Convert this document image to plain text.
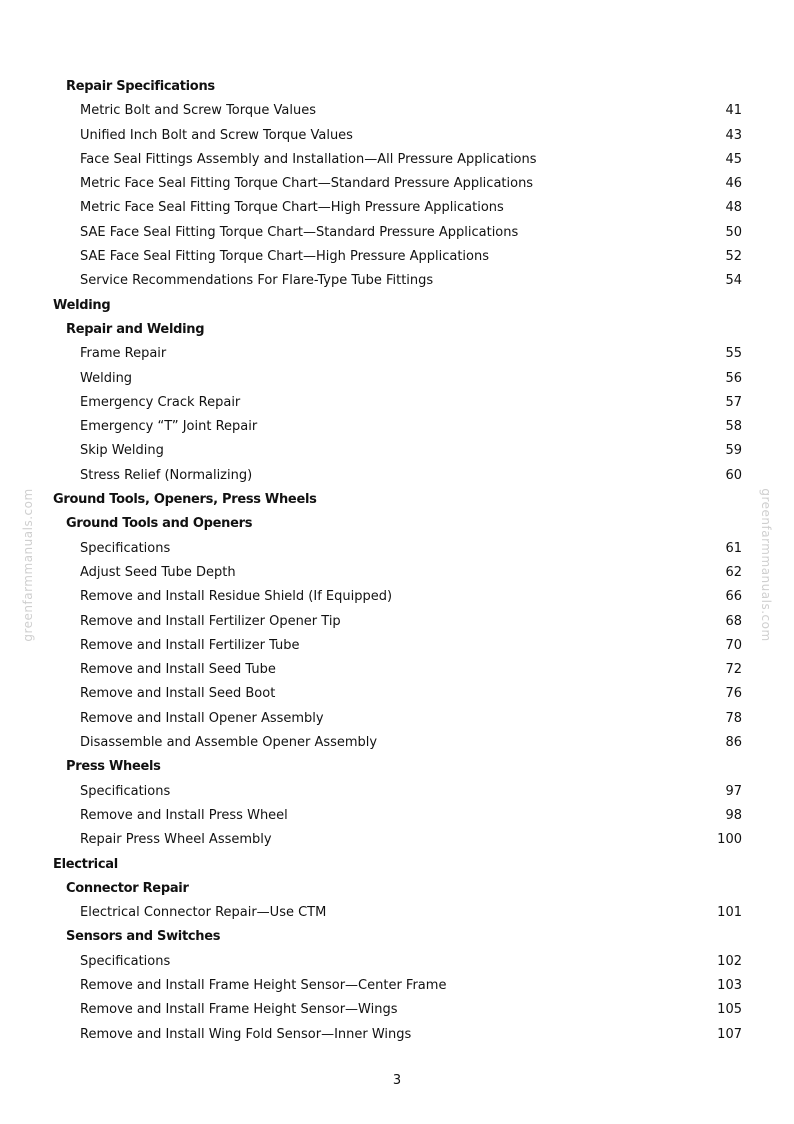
Repair Specifications
Metric Bolt and Screw Torque Values	41
Unified Inch Bolt and Screw Torque Values	43
Face Seal Fittings Assembly and Installation—All Pressure Applications	45
Metric Face Seal Fitting Torque Chart—Standard Pressure Applications	46
Metric Face Seal Fitting Torque Chart—High Pressure Applications	48
SAE Face Seal Fitting Torque Chart—Standard Pressure Applications	50
SAE Face Seal Fitting Torque Chart—High Pressure Applications	52
Service Recommendations For Flare-Type Tube Fittings	54
Welding
Repair and Welding
Frame Repair	55
Welding	56
Emergency Crack Repair	57
Emergency “T” Joint Repair	58
Skip Welding	59
Stress Relief (Normalizing)	60
Ground Tools, Openers, Press Wheels
Ground Tools and Openers
Specifications	61
Adjust Seed Tube Depth	62
Remove and Install Residue Shield (If Equipped)	66
Remove and Install Fertilizer Opener Tip	68
Remove and Install Fertilizer Tube	70
Remove and Install Seed Tube	72
Remove and Install Seed Boot	76
Remove and Install Opener Assembly	78
Disassemble and Assemble Opener Assembly	86
Press Wheels
Specifications	97
Remove and Install Press Wheel	98
Repair Press Wheel Assembly	100
Electrical
Connector Repair
Electrical Connector Repair—Use CTM	101
Sensors and Switches
Specifications	102
Remove and Install Frame Height Sensor—Center Frame	103
Remove and Install Frame Height Sensor—Wings	105
Remove and Install Wing Fold Sensor—Inner Wings	107
greenfarmmanuals.com	greenfarmmanuals.com
3
